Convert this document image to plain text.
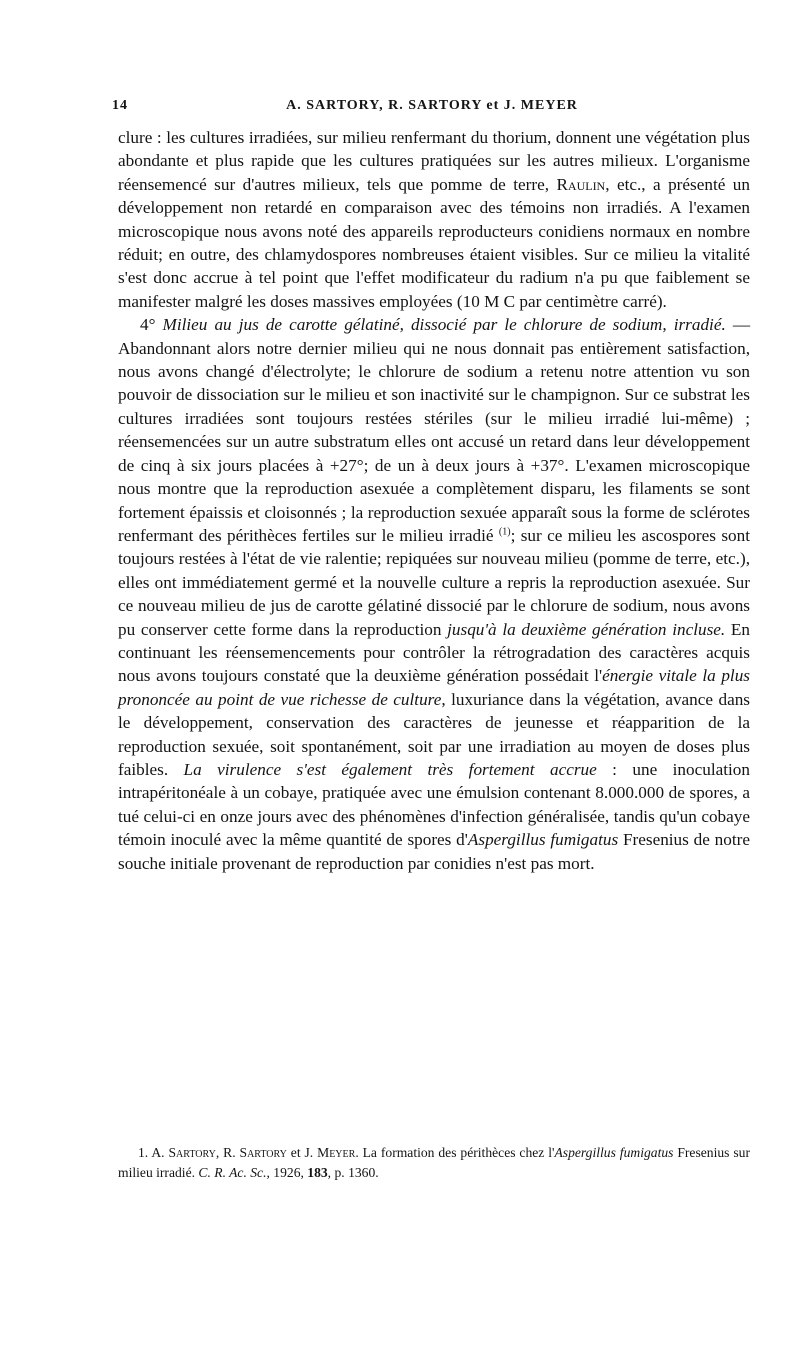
14	A. SARTORY, R. SARTORY et J. MEYER

clure : les cultures irradiées, sur milieu renfermant du thorium, donnent une végétation plus abondante et plus rapide que les cultures pratiquées sur les autres milieux. L'organisme réensemencé sur d'autres milieux, tels que pomme de terre, Raulin, etc., a présenté un développement non retardé en comparaison avec des témoins non irradiés. A l'examen microscopique nous avons noté des appareils reproducteurs conidiens normaux en nombre réduit; en outre, des chlamydospores nombreuses étaient visibles. Sur ce milieu la vitalité s'est donc accrue à tel point que l'effet modificateur du radium n'a pu que faiblement se manifester malgré les doses massives employées (10 M C par centimètre carré).

4° Milieu au jus de carotte gélatiné, dissocié par le chlorure de sodium, irradié. — Abandonnant alors notre dernier milieu qui ne nous donnait pas entièrement satisfaction, nous avons changé d'électrolyte; le chlorure de sodium a retenu notre attention vu son pouvoir de dissociation sur le milieu et son inactivité sur le champignon. Sur ce substrat les cultures irradiées sont toujours restées stériles (sur le milieu irradié lui-même) ; réensemencées sur un autre substratum elles ont accusé un retard dans leur développement de cinq à six jours placées à +27°; de un à deux jours à +37°. L'examen microscopique nous montre que la reproduction asexuée a complètement disparu, les filaments se sont fortement épaissis et cloisonnés ; la reproduction sexuée apparaît sous la forme de sclérotes renfermant des périthèces fertiles sur le milieu irradié $^{(1)}$; sur ce milieu les ascospores sont toujours restées à l'état de vie ralentie; repiquées sur nouveau milieu (pomme de terre, etc.), elles ont immédiatement germé et la nouvelle culture a repris la reproduction asexuée. Sur ce nouveau milieu de jus de carotte gélatiné dissocié par le chlorure de sodium, nous avons pu conserver cette forme dans la reproduction jusqu'à la deuxième génération incluse. En continuant les réensemencements pour contrôler la rétrogradation des caractères acquis nous avons toujours constaté que la deuxième génération possédait l'énergie vitale la plus prononcée au point de vue richesse de culture, luxuriance dans la végétation, avance dans le développement, conservation des caractères de jeunesse et réapparition de la reproduction sexuée, soit spontanément, soit par une irradiation au moyen de doses plus faibles. La virulence s'est également très fortement accrue : une inoculation intrapéritonéale à un cobaye, pratiquée avec une émulsion contenant 8.000.000 de spores, a tué celui-ci en onze jours avec des phénomènes d'infection généralisée, tandis qu'un cobaye témoin inoculé avec la même quantité de spores d'Aspergillus fumigatus Fresenius de notre souche initiale provenant de reproduction par conidies n'est pas mort.

1. A. Sartory, R. Sartory et J. Meyer. La formation des périthèces chez l'Aspergillus fumigatus Fresenius sur milieu irradié. C. R. Ac. Sc., 1926, 183, p. 1360.
